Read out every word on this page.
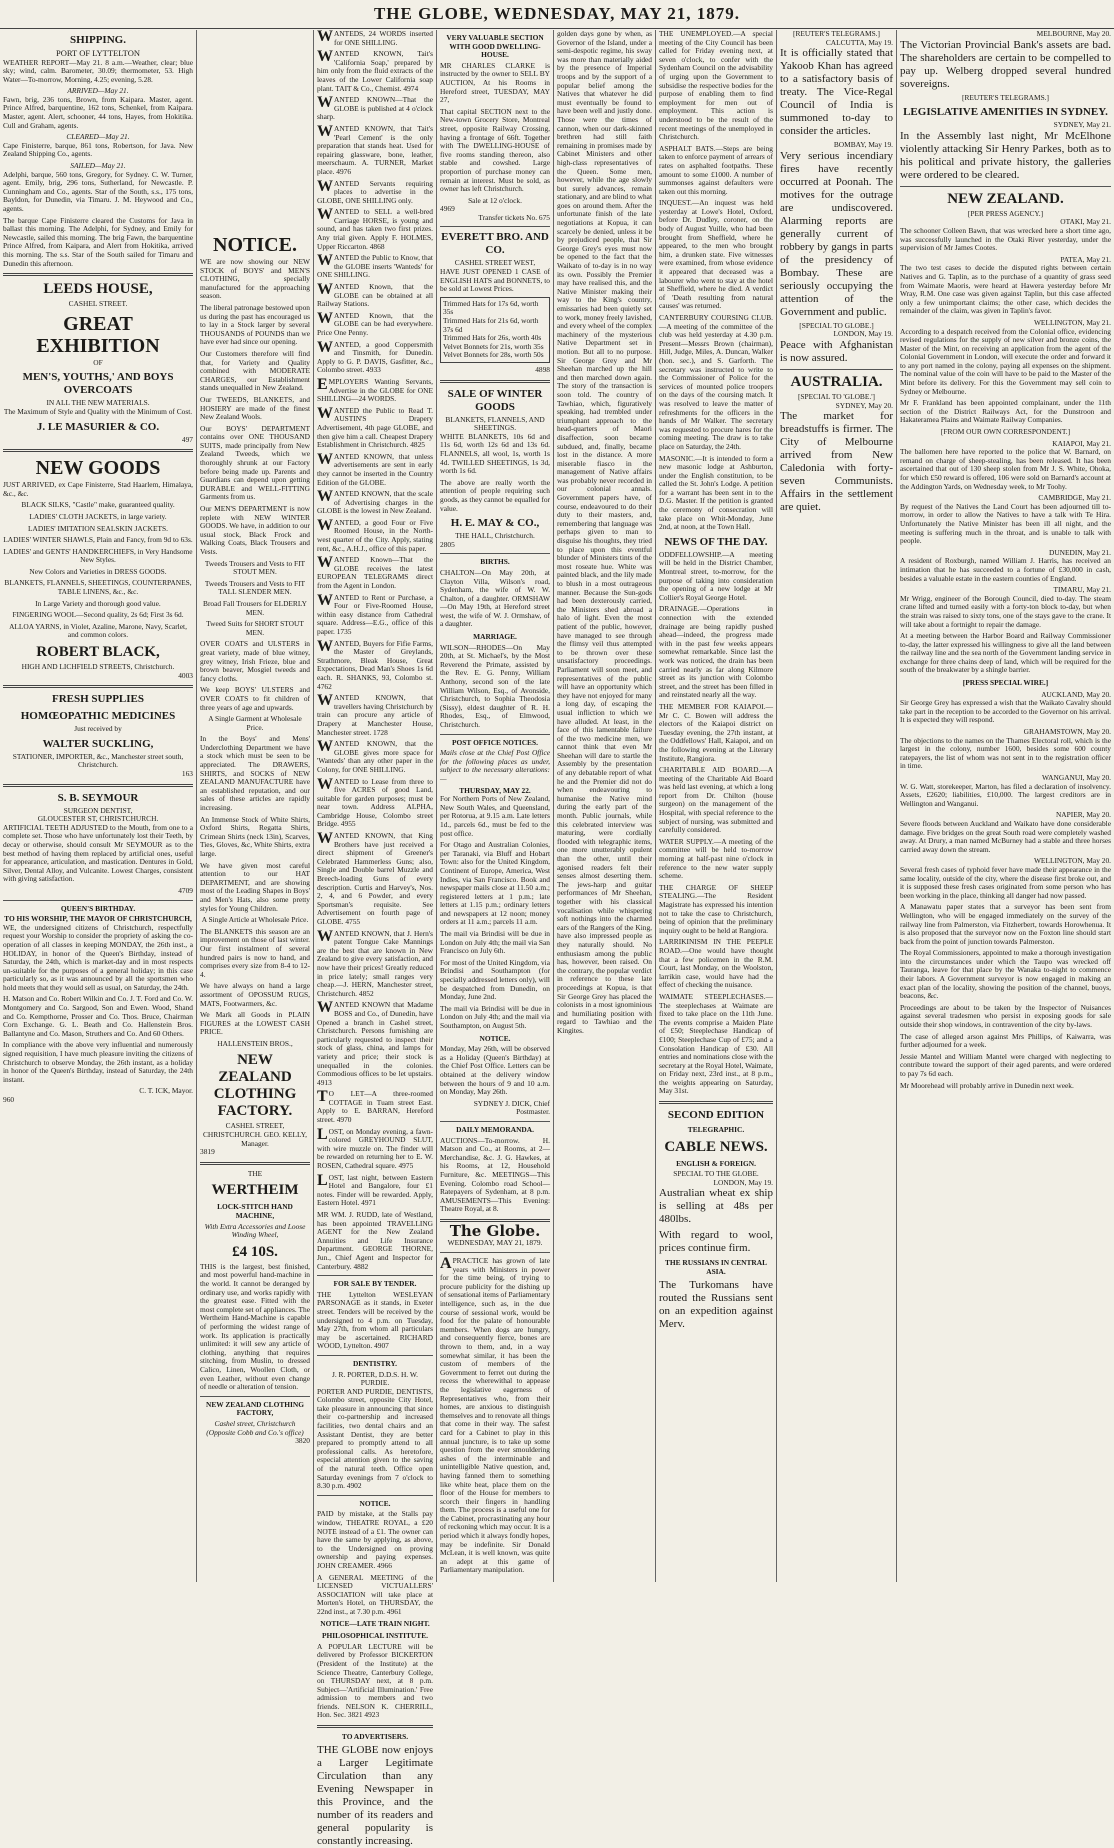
THE GLOBE, WEDNESDAY, MAY 21, 1879.
SHIPPING.
PORT OF LYTTELTON

WEATHER REPORT—May 21. 8 a.m.—Weather, clear; blue sky; wind, calm. Barometer, 30.09; thermometer, 53. High Water—To-morrow, Morning, 4.25; evening, 5.28.

ARRIVED—May 21.

Fawn, brig, 236 tons, Brown, from Kaipara. Master, agent. Prince Alfred, barquentine, 162 tons, Schenkel, from Kaipara. Master, agent. Alert, schooner, 44 tons, Hayes, from Hokitika. Cull and Graham, agents.

CLEARED—May 21.

Cape Finisterre, barque, 861 tons, Robertson, for Java. New Zealand Shipping Co., agents.

SAILED—May 21.

Adelphi, barque, 560 tons, Gregory, for Sydney. C. W. Turner, agent. Emily, brig, 296 tons, Sutherland, for Newcastle. P. Cunningham and Co., agents. Star of the South, s.s., 175 tons, Bayldon, for Dunedin, via Timaru. J. M. Heywood and Co., agents.

The barque Cape Finisterre cleared the Customs for Java in ballast this morning. The Adelphi, for Sydney, and Emily for Newcastle, sailed this morning. The brig Fawn, the barquentine Prince Alfred, from Kaipara, and Alert from Hokitika, arrived this morning. The s.s. Star of the South sailed for Timaru and Dunedin this afternoon.

LEEDS HOUSE,
CASHEL STREET.
GREAT EXHIBITION
OF
MEN'S, YOUTHS,' AND BOYS OVERCOATS
IN ALL THE NEW MATERIALS.

The Maximum of Style and Quality with the Minimum of Cost.

J. LE MASURIER & CO.
497
NEW GOODS

JUST ARRIVED, ex Cape Finisterre, Stad Haarlem, Himalaya, &c., &c.

BLACK SILKS, "Castle" make, guaranteed quality.

LADIES' CLOTH JACKETS, in large variety.

LADIES' IMITATION SEALSKIN JACKETS.

LADIES' WINTER SHAWLS, Plain and Fancy, from 9d to 63s.

LADIES' and GENTS' HANDKERCHIEFS, in Very Handsome New Styles.

New Colors and Varieties in DRESS GOODS.

BLANKETS, FLANNELS, SHEETINGS, COUNTERPANES, TABLE LINENS, &c., &c.

In Large Variety and thorough good value.

FINGERING WOOL—Second quality, 2s 6d; First 3s 6d.

ALLOA YARNS, in Violet, Azaline, Marone, Navy, Scarlet, and common colors.

ROBERT BLACK,
HIGH AND LICHFIELD STREETS, Christchurch.
4003
FRESH SUPPLIES
HOMŒOPATHIC MEDICINES
Just received by
WALTER SUCKLING,
STATIONER, IMPORTER, &c., Manchester street south, Christchurch.
163
S. B. SEYMOUR
SURGEON DENTIST,
GLOUCESTER ST, CHRISTCHURCH.

ARTIFICIAL TEETH ADJUSTED to the Mouth, from one to a complete set. Those who have unfortunately lost their Teeth, by decay or otherwise, should consult Mr SEYMOUR as to the best method of having them replaced by artificial ones, useful for appearance, articulation, and mastication. Dentures in Gold, Silver, Dental Alloy, and Vulcanite. Lowest Charges, consistent with giving satisfaction.

4709
QUEEN'S BIRTHDAY.
TO HIS WORSHIP, THE MAYOR OF CHRISTCHURCH,

WE, the undersigned citizens of Christchurch, respectfully request your Worship to consider the propriety of asking the co-operation of all classes in keeping MONDAY, the 26th inst., a HOLIDAY, in honor of the Queen's Birthday, instead of Saturday, the 24th, which is market-day and in most respects un-suitable for the purposes of a general holiday; in this case particularly so, as it was announced by all the sportsmen who hold meets that they would sell as usual, on Saturday, the 24th.

H. Matson and Co. Robert Wilkin and Co. J. T. Ford and Co. W. Montgomery and Co. Sargood, Son and Ewen. Wood, Shand and Co. Kempthorne, Prosser and Co. Thos. Bruce, Chairman Corn Exchange. G. L. Beath and Co. Hallenstein Bros. Ballantyne and Co. Mason, Struthers and Co. And 60 Others.

In compliance with the above very influential and numerously signed requisition, I have much pleasure inviting the citizens of Christchurch to observe Monday, the 26th instant, as a holiday in honor of the Queen's Birthday, instead of Saturday, the 24th instant.

C. T. ICK, Mayor.
960
NOTICE.

WE are now showing our NEW STOCK of BOYS' and MEN'S CLOTHING, specially manufactured for the approaching season.

The liberal patronage bestowed upon us during the past has encouraged us to lay in a Stock larger by several THOUSANDS of POUNDS than we have ever had since our opening.

Our Customers therefore will find that, for Variety and Quality combined with MODERATE CHARGES, our Establishment stands unequalled in New Zealand.

Our TWEEDS, BLANKETS, and HOSIERY are made of the finest New Zealand Wools.

Our BOYS' DEPARTMENT contains over ONE THOUSAND SUITS, made principally from New Zealand Tweeds, which we thoroughly shrunk at our Factory before being made up. Parents and Guardians can depend upon getting DURABLE and WELL-FITTING Garments from us.

Our MEN'S DEPARTMENT is now replete with NEW WINTER GOODS. We have, in addition to our usual stock, Black Frock and Walking Coats, Black Trousers and Vests.

Tweeds Trousers and Vests to FIT STOUT MEN.

Tweeds Trousers and Vests to FIT TALL SLENDER MEN.

Broad Fall Trousers for ELDERLY MEN.

Tweed Suits for SHORT STOUT MEN.

OVER COATS and ULSTERS in great variety, made of blue witney, grey witney, Irish Frieze, blue and brown beaver, Mosgiel tweeds and fancy cloths.

We keep BOYS' ULSTERS and OVER COATS to fit children of three years of age and upwards.

A Single Garment at Wholesale Price.

In the Boys' and Mens' Underclothing Department we have a stock which must be seen to be appreciated. The DRAWERS, SHIRTS, and SOCKS of NEW ZEALAND MANUFACTURE have an established reputation, and our sales of these articles are rapidly increasing.

An Immense Stock of White Shirts, Oxford Shirts, Regatta Shirts, Crimean Shirts (neck 13in), Scarves, Ties, Gloves, &c, White Shirts, extra large.

We have given most careful attention to our HAT DEPARTMENT, and are showing most of the Leading Shapes in Boys' and Men's Hats, also some pretty styles for Young Children.

A Single Article at Wholesale Price.

The BLANKETS this season are an improvement on those of last winter. Our first instalment of several hundred pairs is now to hand, and comprises every size from 8-4 to 12-4.

We have always on hand a large assortment of OPOSSUM RUGS, MATS, Footwarmers, &c.

We Mark all Goods in PLAIN FIGURES at the LOWEST CASH PRICE.

HALLENSTEIN BROS.,
NEW ZEALAND CLOTHING FACTORY.
CASHEL STREET, CHRISTCHURCH. GEO. KELLY, Manager.
3819
THE
WERTHEIM
LOCK-STITCH HAND MACHINE,
With Extra Accessories and Loose Winding Wheel,
£4 10S.

THIS is the largest, best finished, and most powerful hand-machine in the world. It cannot be deranged by ordinary use, and works rapidly with the greatest ease. Fitted with the most complete set of appliances. The Wertheim Hand-Machine is capable of performing the widest range of work. Its application is practically unlimited: it will sew any article of clothing, anything that requires stitching, from Muslin, to dressed Calico, Linen, Woollen Cloth, or even Leather, without even change of needle or alteration of tension.

NEW ZEALAND CLOTHING FACTORY,
Cashel street, Christchurch (Opposite Cobb and Co.'s office)
3820

WANTEDS, 24 WORDS inserted for ONE SHILLING.

WANTED KNOWN, Tait's 'California Soap,' prepared by him only from the fluid extracts of the leaves of the Lower California soap plant. TAIT & Co., Chemist. 4974

WANTED KNOWN—That the GLOBE is published at 4 o'clock sharp.

WANTED KNOWN, that Tait's 'Pearl Cement' is the only preparation that stands heat. Used for repairing glassware, bone, leather, meerschaum. A. TURNER, Market place. 4976

WANTED Servants requiring places to advertise in the GLOBE, ONE SHILLING only.

WANTED to SELL a well-bred Carriage HORSE, is young and sound, and has taken two first prizes. Any trial given. Apply F. HOLMES, Upper Riccarton. 4868

WANTED the Public to Know, that the GLOBE inserts 'Wanteds' for ONE SHILLING.

WANTED Known, that the GLOBE can be obtained at all Railway Stations.

WANTED Known, that the GLOBE can be had everywhere. Price One Penny.

WANTED, a good Coppersmith and Tinsmith, for Dunedin. Apply to G. P. DAVIS, Gasfitter, &c., Colombo street. 4933

EMPLOYERS Wanting Servants, Advertise in the GLOBE for ONE SHILLING—24 WORDS.

WANTED the Public to Read T. AUSTIN'S Drapery Advertisement, 4th page GLOBE, and then give him a call. Cheapest Drapery Establishment in Christchurch. 4825

WANTED KNOWN, that unless advertisements are sent in early they cannot be inserted in the Country Edition of the GLOBE.

WANTED KNOWN, that the scale of Advertising charges in the GLOBE is the lowest in New Zealand.

WANTED, a good Four or Five Roomed House, in the North-west quarter of the City. Apply, stating rent, &c., A.H.J., office of this paper.

WANTED Known—That the GLOBE receives the latest EUROPEAN TELEGRAMS direct from the Agent in London.

WANTED to Rent or Purchase, a Four or Five-Roomed House, within easy distance from Cathedral square. Address—E.G., office of this paper. 1735

WANTED, Buyers for Fifie Farms, the Master of Greylands, Strathmore, Bleak House, Great Expectations, Dead Man's Shoes 1s 6d each. R. SHANKS, 93, Colombo st. 4762

WANTED KNOWN, that travellers having Christchurch by train can procure any article of Drapery at Manchester House, Manchester street. 1728

WANTED KNOWN, that the GLOBE gives more space for 'Wanteds' than any other paper in the Colony, for ONE SHILLING.

WANTED to Lease from three to five ACRES of good Land, suitable for garden purposes; must be near town. Address ALPHA, Cambridge House, Colombo street Bridge. 4955

WANTED KNOWN, that King Brothers have just received a direct shipment of Greener's Celebrated Hammerless Guns; also, Single and Double barrel Muzzle and Breech-loading Guns of every description. Curtis and Harvey's, Nos. 2, 4, and 6 Powder, and every Sportsman's requisite. See Advertisement on fourth page of GLOBE. 4755

WANTED KNOWN, that J. Hern's patent Tongue Cake Mannings are the best that are known in New Zealand to give every satisfaction, and now have their prices! Greatly reduced in price lately; small ranges very cheap.—J. HERN, Manchester street, Christchurch. 4852

WANTED KNOWN that Madame BOSS and Co., of Dunedin, have Opened a branch in Cashel street, Christchurch. Persons furnishing are particularly requested to inspect their stock of glass, china, and lamps for variety and price; their stock is unequalled in the colonies. Commodious offices to be let upstairs. 4913

TO LET—A three-roomed COTTAGE in Tuam street East. Apply to E. BARRAN, Hereford street. 4970

LOST, on Monday evening, a fawn-colored GREYHOUND SLUT, with wire muzzle on. The finder will be rewarded on returning her to E. W. ROSEN, Cathedral square. 4975

LOST, last night, between Eastern Hotel and Bangalore, four £1 notes. Finder will be rewarded. Apply, Eastern Hotel. 4971

MR WM. J. RUDD, late of Westland, has been appointed TRAVELLING AGENT for the New Zealand Annuities and Life Insurance Department. GEORGE THORNE, Jun., Chief Agent and Inspector for Canterbury. 4882

FOR SALE BY TENDER.

THE Lyttelton WESLEYAN PARSONAGE as it stands, in Exeter street. Tenders will be received by the undersigned to 4 p.m. on Tuesday, May 27th, from whom all particulars may be ascertained. RICHARD WOOD, Lyttelton. 4907

DENTISTRY.
J. R. PORTER, D.D.S. H. W. PURDIE.

PORTER AND PURDIE, DENTISTS, Colombo street, opposite City Hotel, take pleasure in announcing that since their co-partnership and increased facilities, two dental chairs and an Assistant Dentist, they are better prepared to promptly attend to all professional calls. As heretofore, especial attention given to the saving of the natural teeth. Office open Saturday evenings from 7 o'clock to 8.30 p.m. 4902

NOTICE.

PAID by mistake, at the Stalls pay window, THEATRE ROYAL, a £20 NOTE instead of a £1. The owner can have the same by applying, as above, to the Undersigned on proving ownership and paying expenses. JOHN CREAMER. 4966

A GENERAL MEETING of the LICENSED VICTUALLERS' ASSOCIATION will take place at Morten's Hotel, on THURSDAY, the 22nd inst., at 7.30 p.m. 4961

NOTICE—LATE TRAIN NIGHT.
PHILOSOPHICAL INSTITUTE.

A POPULAR LECTURE will be delivered by Professor BICKERTON (President of the Institute) at the Science Theatre, Canterbury College, on THURSDAY next, at 8 p.m. Subject—'Artificial Illumination.' Free admission to members and two friends. NELSON K. CHERRILL, Hon. Sec. 3821 4923

TO ADVERTISERS.

THE GLOBE now enjoys a Larger Legitimate Circulation than any Evening Newspaper in this Province, and the number of its readers and general popularity is constantly increasing.

VERY VALUABLE SECTION WITH GOOD DWELLING-HOUSE.

MR CHARLES CLARKE is instructed by the owner to SELL BY AUCTION, At his Rooms in Hereford street, TUESDAY, MAY 27,

That capital SECTION next to the New-town Grocery Store, Montreal street, opposite Railway Crossing, having a frontage of 66ft. Together with The DWELLING-HOUSE of five rooms standing thereon, also stable and cowshed. Large proportion of purchase money can remain at interest. Must be sold, as owner has left Christchurch.

Sale at 12 o'clock.
4969
Transfer tickets No. 675
EVERETT BRO. AND CO.
CASHEL STREET WEST,

HAVE JUST OPENED 1 CASE of ENGLISH HATS and BONNETS, to be sold at Lowest Prices.

Trimmed Hats for 17s 6d, worth 35s
Trimmed Hats for 21s 6d, worth 37s 6d
Trimmed Hats for 26s, worth 40s
Velvet Bonnets for 21s, worth 35s
Velvet Bonnets for 28s, worth 50s
4898
SALE OF WINTER GOODS
BLANKETS, FLANNELS, AND SHEETINGS.

WHITE BLANKETS, 10s 6d and 11s 6d, worth 12s 6d and 13s 6d. FLANNELS, all wool, 1s, worth 1s 4d. TWILLED SHEETINGS, 1s 3d, worth 1s 6d.

The above are really worth the attention of people requiring such goods, as they cannot be equalled for value.

H. E. MAY & CO.,
THE HALL, Christchurch.
2805
BIRTHS.

CHALTON—On May 20th, at Clayton Villa, Wilson's road, Sydenham, the wife of W. W. Chalton, of a daughter. ORMSHAW—On May 19th, at Hereford street west, the wife of W. J. Ormshaw, of a daughter.

MARRIAGE.

WILSON—RHODES—On May 20th, at St. Michael's, by the Most Reverend the Primate, assisted by the Rev. E. G. Penny, William Anthony, second son of the late William Wilson, Esq., of Avonside, Christchurch, to Sophia Theodosia (Sissy), eldest daughter of R. H. Rhodes, Esq., of Elmwood, Christchurch.

POST OFFICE NOTICES.

Mails close at the Chief Post Office for the following places as under, subject to the necessary alterations:—

THURSDAY, MAY 22.

For Northern Ports of New Zealand, New South Wales, and Queensland, per Rotorua, at 9.15 a.m. Late letters 1d., parcels 6d., must be fed to the post office.

For Otago and Australian Colonies, per Taranaki, via Bluff and Hobart Town: also for the United Kingdom, Continent of Europe, America, West Indies, via San Francisco. Book and newspaper mails close at 11.50 a.m.; registered letters at 1 p.m.; late letters at 1.15 p.m.; ordinary letters and newspapers at 12 noon; money orders at 11 a.m.; parcels 11 a.m.

The mail via Brindisi will be due in London on July 4th; the mail via San Francisco on July 6th.

For most of the United Kingdom, via Brindisi and Southampton (for specially addressed letters only), will be despatched from Dunedin, on Monday, June 2nd.

The mail via Brindisi will be due in London on July 4th; and the mail via Southampton, on August 5th.

NOTICE.

Monday, May 26th, will be observed as a Holiday (Queen's Birthday) at the Chief Post Office. Letters can be obtained at the delivery window between the hours of 9 and 10 a.m. on Monday, May 26th.

SYDNEY J. DICK, Chief Postmaster.
DAILY MEMORANDA.

AUCTIONS—To-morrow. H. Matson and Co., at Rooms, at 2—Merchandise, &c. J. G. Hawkes, at his Rooms, at 12, Household Furniture, &c. MEETINGS—This Evening. Colombo road School—Ratepayers of Sydenham, at 8 p.m. AMUSEMENTS—This Evening: Theatre Royal, at 8.

The Globe.
WEDNESDAY, MAY 21, 1879.

APRACTICE has grown of late years with Ministers in power for the time being, of trying to procure publicity for the dishing up of sensational items of Parliamentary intelligence, such as, in the due course of sessional work, would be food for the palate of honourable members. When dogs are hungry, and consequently fierce, bones are thrown to them, and, in a way somewhat similar, it has been the custom of members of the Government to ferret out during the recess the wherewithal to appease the legislative eagerness of Representatives who, from their homes, are anxious to distinguish themselves and to renovate all things that come in their way. The safest card for a Cabinet to play in this annual juncture, is to take up some question from the ever smouldering ashes of the interminable and unintelligible Native question, and, having fanned them to something like white heat, place them on the floor of the House for members to scorch their fingers in handling them. The process is a useful one for the Cabinet, procrastinating any hour of reckoning which may occur. It is a period which it always fondly hopes, may be indefinite. Sir Donald McLean, it is well known, was quite an adept at this game of Parliamentary manipulation.

golden days gone by when, as Governor of the Island, under a semi-despotic regime, his sway was more than materially aided by the presence of Imperial troops and by the support of a popular belief among the Natives that whatever he did must eventually be found to have been well and justly done. Those were the times of cannon, when our dark-skinned brethren had still faith remaining in promises made by Cabinet Ministers and other high-class representatives of the Queen. Some men, however, while the age slowly but surely advances, remain stationary, and are blind to what goes on around them. After the unfortunate finish of the late negotiations at Kopua, it can scarcely be denied, unless it be by prejudiced people, that Sir George Grey's eyes must now be opened to the fact that the Waikato of to-day is in no way its own. Possibly the Premier may have realised this, and the Native Minister making their way to the King's country, emissaries had been quietly set to work, money freely lavished, and every wheel of the complex machinery of the mysterious Native Department set in motion. But all to no purpose. Sir George Grey and Mr Sheehan marched up the hill and then marched down again. The story of the transaction is soon told. The country of Tawhiao, which, figuratively speaking, had trembled under triumphant approach to the head-quarters of Maori disaffection, soon became subdued, and, finally, became lost in the distance. A more miserable fiasco in the management of Native affairs was probably never recorded in our colonial annals. Government papers have, of course, endeavoured to do their duty to their masters, and, remembering that language was perhaps given to man to disguise his thoughts, they tried to place upon this eventful blunder of Ministers tints of the most roseate hue. White was painted black, and the lily made to blush in a most outrageous manner. Because the Sun-gods had been dexterously carried, the Ministers shed abroad a halo of light. Even the most patient of the public, however, have managed to see through the flimsy veil thus attempted to be thrown over these unsatisfactory proceedings. Parliament will soon meet, and representatives of the public will have an opportunity which they have not enjoyed for many a long day, of escaping the usual infliction to which we have alluded. At least, in the face of this lamentable failure of the two medicine men, we cannot think that even Mr Sheehan will dare to startle the Assembly by the presentation of any debatable report of what he and the Premier did not do when endeavouring to humanise the Native mind during the early part of the month. Public journals, while this celebrated interview was maturing, were cordially flooded with telegraphic items, one more unutterably opulent than the other, until their agonised readers felt their senses almost deserting them. The jews-harp and guitar performances of Mr Sheehan, together with his classical vocalisation while whispering soft nothings into the charmed ears of the Rangers of the King, have also impressed people as they naturally should. No enthusiasm among the public has, however, been raised. On the contrary, the popular verdict in reference to these late proceedings at Kopua, is that Sir George Grey has placed the colonists in a most ignominious and humiliating position with regard to Tawhiao and the Kingites.

THE UNEMPLOYED.—A special meeting of the City Council has been called for Friday evening next, at seven o'clock, to confer with the Sydenham Council on the advisability of urging upon the Government to subsidise the respective bodies for the purpose of enabling them to find employment for men out of employment. This action is understood to be the result of the recent meetings of the unemployed in Christchurch.

ASPHALT BATS.—Steps are being taken to enforce payment of arrears of rates on asphalted footpaths. These amount to some £1000. A number of summonses against defaulters were taken out this morning.

INQUEST.—An inquest was held yesterday at Lowe's Hotel, Oxford, before Dr. Dudley, coroner, on the body of August Yuille, who had been brought from Sheffield, where he appeared, to the men who brought him, a drunken state. Five witnesses were examined, from whose evidence it appeared that deceased was a labourer who went to stay at the hotel at Sheffield, where he died. A verdict of 'Death resulting from natural causes' was returned.

CANTERBURY COURSING CLUB.—A meeting of the committee of the club was held yesterday at 4.30 p.m. Present—Messrs Brown (chairman), Hill, Judge, Miles, A. Duncan, Walker (hon. sec.), and S. Garforth. The secretary was instructed to write to the Commissioner of Police for the services of mounted police troopers on the days of the coursing match. It was resolved to leave the matter of refreshments for the officers in the hands of Mr Walker. The secretary was requested to procure hares for the coming meeting. The draw is to take place on Saturday, the 24th.

MASONIC.—It is intended to form a new masonic lodge at Ashburton, under the English constitution, to be called the St. John's Lodge. A petition for a warrant has been sent in to the D.G. Master. If the petition is granted the ceremony of consecration will take place on Whit-Monday, June 2nd, at noon, at the Town Hall.

NEWS OF THE DAY.

ODDFELLOWSHIP.—A meeting will be held in the District Chamber, Montreal street, to-morrow, for the purpose of taking into consideration the opening of a new lodge at Mr Collier's Royal George Hotel.

DRAINAGE.—Operations in connection with the extended drainage are being rapidly pushed ahead—indeed, the progress made with in the past few weeks appears somewhat remarkable. Since last the work was noticed, the drain has been carried nearly as far along Kilmore street as its junction with Colombo street, and the street has been filled in and reinstated nearly all the way.

THE MEMBER FOR KAIAPOI.—Mr C. C. Bowen will address the electors of the Kaiapoi district on Tuesday evening, the 27th instant, at the Oddfellows' Hall, Kaiapoi, and on the following evening at the Literary Institute, Rangiora.

CHARITABLE AID BOARD.—A meeting of the Charitable Aid Board was held last evening, at which a long report from Dr. Chilton (house surgeon) on the management of the Hospital, with special reference to the subject of nursing, was submitted and carefully considered.

WATER SUPPLY.—A meeting of the committee will be held to-morrow morning at half-past nine o'clock in reference to the new water supply scheme.

THE CHARGE OF SHEEP STEALING.—The Resident Magistrate has expressed his intention not to take the case to Christchurch, being of opinion that the preliminary inquiry ought to be held at Rangiora.

LARRIKINISM IN THE PEEPLE ROAD.—One would have thought that a few policemen in the R.M. Court, last Monday, on the Woolston, larrikin case, would have had the effect of checking the nuisance.

WAIMATE STEEPLECHASES.—The steeplechases at Waimate are fixed to take place on the 11th June. The events comprise a Maiden Plate of £50; Steeplechase Handicap of £100; Steeplechase Cup of £75; and a Consolation Handicap of £30. All entries and nominations close with the secretary at the Royal Hotel, Waimate, on Friday next, 23rd inst., at 8 p.m., the weights appearing on Saturday, May 31st.

SECOND EDITION
TELEGRAPHIC.
CABLE NEWS.
ENGLISH & FOREIGN.
SPECIAL TO THE GLOBE.
LONDON, May 19.

Australian wheat ex ship is selling at 48s per 480lbs.

With regard to wool, prices continue firm.

THE RUSSIANS IN CENTRAL ASIA.

The Turkomans have routed the Russians sent on an expedition against Merv.

[REUTER'S TELEGRAMS.]
CALCUTTA, May 19.

It is officially stated that Yakoob Khan has agreed to a satisfactory basis of treaty. The Vice-Regal Council of India is summoned to-day to consider the articles.

BOMBAY, May 19.

Very serious incendiary fires have recently occurred at Poonah. The motives for the outrage are undiscovered. Alarming reports are generally current of robbery by gangs in parts of the presidency of Bombay. These are seriously occupying the attention of the Government and public.

[SPECIAL TO GLOBE.]
LONDON, May 19.

Peace with Afghanistan is now assured.

AUSTRALIA.
[SPECIAL TO 'GLOBE.']
SYDNEY, May 20.

The market for breadstuffs is firmer. The City of Melbourne arrived from New Caledonia with forty-seven Communists. Affairs in the settlement are quiet.

MELBOURNE, May 20.

The Victorian Provincial Bank's assets are bad. The shareholders are certain to be compelled to pay up. Welberg dropped several hundred sovereigns.

[REUTER'S TELEGRAMS.]
LEGISLATIVE AMENITIES IN SYDNEY.
SYDNEY, May 21.

In the Assembly last night, Mr McElhone violently attacking Sir Henry Parkes, both as to his political and private history, the galleries were ordered to be cleared.

NEW ZEALAND.
[PER PRESS AGENCY.]
OTAKI, May 21.

The schooner Colleen Bawn, that was wrecked here a short time ago, was successfully launched in the Otaki River yesterday, under the supervision of Mr James Cootes.

PATEA, May 21.

The two test cases to decide the disputed rights between certain Natives and G. Taplin, as to the purchase of a quantity of grass seed from Waimate Maoris, were heard at Hawera yesterday before Mr Wray, R.M. One case was given against Taplin, but this case affected only a few unimportant claims; the other case, which decides the remainder of the claim, was given in Taplin's favor.

WELLINGTON, May 21.

According to a despatch received from the Colonial office, evidencing revised regulations for the supply of new silver and bronze coins, the Master of the Mint, on receiving an application from the agent of the Colonial Government in London, will execute the order and forward it to any port named in the colony, paying all expenses on the shipment. The nominal value of the coin will have to be paid to the Master of the Mint before its delivery. For this the Government may sell coin to Sydney or Melbourne.

Mr F. Frankland has been appointed complainant, under the 11th section of the District Railways Act, for the Dunstroon and Hakateramea Plains and Waimate Railway Companies.

[FROM OUR OWN CORRESPONDENT.]

KAIAPOI, May 21.

The ballomen here have reported to the police that W. Barnard, on remand on charge of sheep-stealing, has been released. It has been ascertained that out of 130 sheep stolen from Mr J. S. White, Ohoka, for which £50 reward is offered, 106 were sold on Barnard's account at the Addington Yards, on Wednesday week, to Mr Toohy.

CAMBRIDGE, May 21.

By request of the Natives the Land Court has been adjourned till to-morrow, in order to allow the Natives to have a talk with Te Hira. Unfortunately the Native Minister has been ill all night, and the meeting is suffering much in the throat, and is unable to talk with people.

DUNEDIN, May 21.

A resident of Roxburgh, named William J. Harris, has received an intimation that he has succeeded to a fortune of £30,000 in cash, besides a valuable estate in the eastern counties of England.

TIMARU, May 21.

Mr Wrigg, engineer of the Borough Council, died to-day. The steam crane lifted and turned easily with a forty-ton block to-day, but when the strain was raised to sixty tons, one of the stays gave to the crane. It will take about a fortnight to repair the damage.

At a meeting between the Harbor Board and Railway Commissioner to-day, the latter expressed his willingness to give all the land between the railway line and the sea north of the Government landing service in exchange for three chains deep of land, which will be required for the south of the breakwater by a shingle barrier.

[PRESS SPECIAL WIRE.]

AUCKLAND, May 20.

Sir George Grey has expressed a wish that the Waikato Cavalry should take part in the reception to be accorded to the Governor on his arrival. It is expected they will respond.

GRAHAMSTOWN, May 20.

The objections to the names on the Thames Electoral roll, which is the largest in the colony, number 1600, besides some 600 county ratepayers, the list of whom was not sent in to the registration officer in time.

WANGANUI, May 20.

W. G. Watt, storekeeper, Marton, has filed a declaration of insolvency. Assets, £2620; liabilities, £10,000. The largest creditors are in Wellington and Wanganui.

NAPIER, May 20.

Severe floods between Auckland and Waikato have done considerable damage. Five bridges on the great South road were completely washed away. At Drury, a man named McBurney had a stable and three horses carried away down the stream.

WELLINGTON, May 20.

Several fresh cases of typhoid fever have made their appearance in the same locality, outside of the city, where the disease first broke out, and it is supposed these fresh cases originated from some person who has been working in the place, thinking all danger had now passed.

A Manawatu paper states that a surveyor has been sent from Wellington, who will be engaged immediately on the survey of the railway line from Palmerston, via Fitzherbert, towards Horowhenua. It is also proposed that the surveyor now on the Foxton line should start back from the point of junction towards Palmerston.

The Royal Commissioners, appointed to make a thorough investigation into the circumstances under which the Taupo was wrecked off Tauranga, leave for that place by the Wanaka to-night to commence their labors. A Government surveyor is now engaged in making an exact plan of the locality, showing the position of the channel, buoys, beacons, &c.

Proceedings are about to be taken by the Inspector of Nuisances against several tradesmen who persist in exposing goods for sale outside their shop windows, in contravention of the city by-laws.

The case of alleged arson against Mrs Phillips, of Kaiwarra, was further adjourned for a week.

Jessie Mantel and William Mantel were charged with neglecting to contribute toward the support of their aged parents, and were ordered to pay 7s 6d each.

Mr Moorehead will probably arrive in Dunedin next week.
